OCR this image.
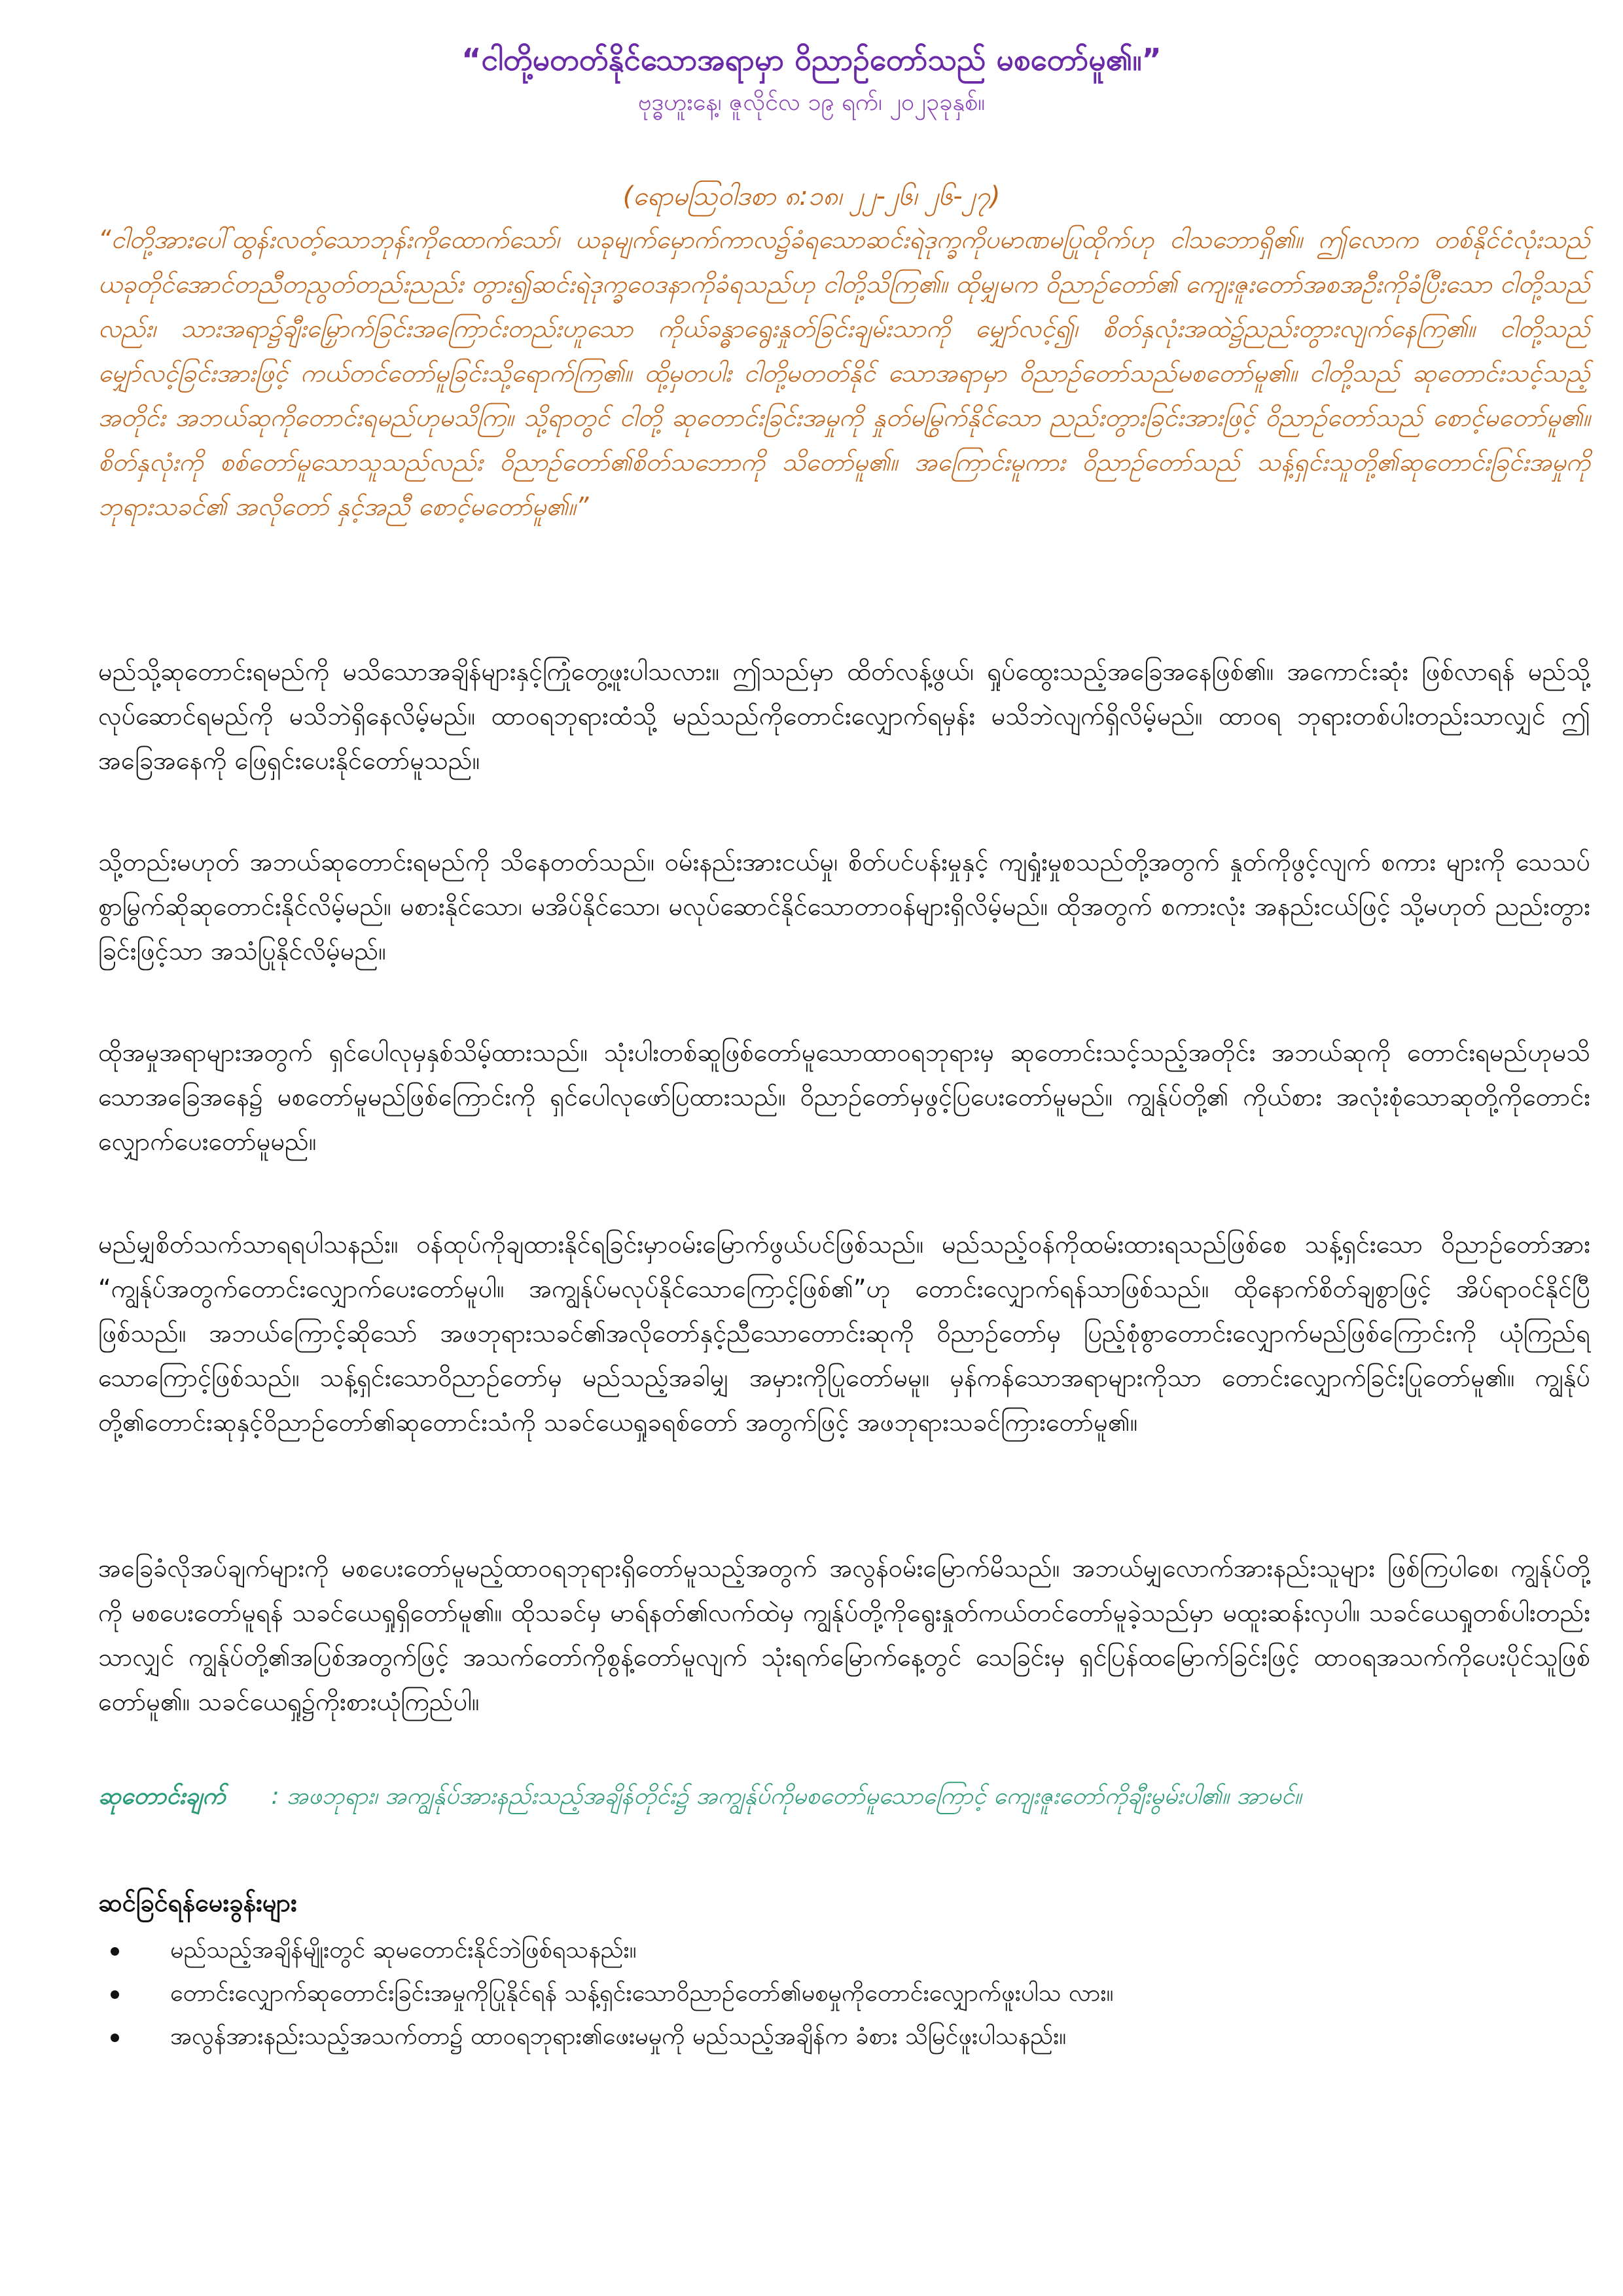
“ငါတို့မတတ်နိုင်သောအရာမှာ ဝိညာဉ်တော်သည် မစတော်မူ၏။”

ဗုဒ္ဓဟူးနေ့၊ ဇူလိုင်လ ၁၉ ရက်၊ ၂၀၂၃ခုနှစ်။

(ရောမသြဝါဒစာ ၈:၁၈၊ ၂၂-၂၆၊ ၂၆-၂၇)

“ငါတို့အားပေါ်ထွန်းလတ့်သောဘုန်းကိုထောက်သော်၊ ယခုမျက်မှောက်ကာလ၌ခံရသောဆင်းရဲဒုက္ခကိုပမာဏမပြုထိုက်ဟု ငါသဘောရှိ၏။ ဤလောက တစ်နိုင်ငံလုံးသည် ယခုတိုင်အောင်တညီတညွတ်တည်းညည်း တွား၍ဆင်းရဲဒုက္ခဝေဒနာကိုခံရသည်ဟု ငါတို့သိကြ၏။ ထိုမျှမက ဝိညာဉ်တော်၏ ကျေးဇူးတော်အစအဦးကိုခံပြီးသော ငါတို့သည်လည်း၊ သားအရာ၌ချီးမြှောက်ခြင်းအကြောင်းတည်းဟူသော ကိုယ်ခန္ဓာရွေးနှုတ်ခြင်းချမ်းသာကို မျှော်လင့်၍၊ စိတ်နှလုံးအထဲ၌ညည်းတွားလျက်နေကြ၏။ ငါတို့သည် မျှော်လင့်ခြင်းအားဖြင့် ကယ်တင်တော်မူခြင်းသို့ရောက်ကြ၏။ ထို့မှတပါး ငါတို့မတတ်နိုင် သောအရာမှာ ဝိညာဉ်တော်သည်မစတော်မူ၏။ ငါတို့သည် ဆုတောင်းသင့်သည့်အတိုင်း အဘယ်ဆုကိုတောင်းရမည်ဟုမသိကြ။ သို့ရာတွင် ငါတို့ ဆုတောင်းခြင်းအမှုကို နှုတ်မမြွက်နိုင်သော ညည်းတွားခြင်းအားဖြင့် ဝိညာဉ်တော်သည် စောင့်မတော်မူ၏။ စိတ်နှလုံးကို စစ်တော်မူသောသူသည်လည်း ဝိညာဉ်တော်၏စိတ်သဘောကို သိတော်မူ၏။ အကြောင်းမူကား ဝိညာဉ်တော်သည် သန့်ရှင်းသူတို့၏ဆုတောင်းခြင်းအမှုကို ဘုရားသခင်၏ အလိုတော် နှင့်အညီ စောင့်မတော်မူ၏။”

မည်သို့ဆုတောင်းရမည်ကို မသိသောအချိန်များနှင့်ကြုံတွေ့ဖူးပါသလား။ ဤသည်မှာ ထိတ်လန့်ဖွယ်၊ ရှုပ်ထွေးသည့်အခြေအနေဖြစ်၏။ အကောင်းဆုံး ဖြစ်လာရန် မည်သို့လုပ်ဆောင်ရမည်ကို မသိဘဲရှိနေလိမ့်မည်။ ထာဝရဘုရားထံသို့ မည်သည်ကိုတောင်းလျှောက်ရမှန်း မသိဘဲလျက်ရှိလိမ့်မည်။ ထာဝရ ဘုရားတစ်ပါးတည်းသာလျှင် ဤအခြေအနေကို ဖြေရှင်းပေးနိုင်တော်မူသည်။

သို့တည်းမဟုတ် အဘယ်ဆုတောင်းရမည်ကို သိနေတတ်သည်။ ဝမ်းနည်းအားငယ်မှု၊ စိတ်ပင်ပန်းမှုနှင့် ကျရှုံးမှုစသည်တို့အတွက် နှုတ်ကိုဖွင့်လျက် စကား များကို သေသပ်စွာမြွက်ဆိုဆုတောင်းနိုင်လိမ့်မည်။ မစားနိုင်သော၊ မအိပ်နိုင်သော၊ မလုပ်ဆောင်နိုင်သောတာဝန်များရှိလိမ့်မည်။ ထိုအတွက် စကားလုံး အနည်းငယ်ဖြင့် သို့မဟုတ် ညည်းတွားခြင်းဖြင့်သာ အသံပြုနိုင်လိမ့်မည်။

ထိုအမှုအရာများအတွက် ရှင်ပေါလုမှနှစ်သိမ့်ထားသည်။ သုံးပါးတစ်ဆူဖြစ်တော်မူသောထာဝရဘုရားမှ ဆုတောင်းသင့်သည့်အတိုင်း အဘယ်ဆုကို တောင်းရမည်ဟုမသိသောအခြေအနေ၌ မစတော်မူမည်ဖြစ်ကြောင်းကို ရှင်ပေါလုဖော်ပြထားသည်။ ဝိညာဉ်တော်မှဖွင့်ပြပေးတော်မူမည်။ ကျွန်ုပ်တို့၏ ကိုယ်စား အလုံးစုံသောဆုတို့ကိုတောင်းလျှောက်ပေးတော်မူမည်။

မည်မျှစိတ်သက်သာရရပါသနည်း။ ဝန်ထုပ်ကိုချထားနိုင်ရခြင်းမှာဝမ်းမြောက်ဖွယ်ပင်ဖြစ်သည်။ မည်သည့်ဝန်ကိုထမ်းထားရသည်ဖြစ်စေ သန့်ရှင်းသော ဝိညာဉ်တော်အား “ကျွန်ုပ်အတွက်တောင်းလျှောက်ပေးတော်မူပါ။ အကျွန်ုပ်မလုပ်နိုင်သောကြောင့်ဖြစ်၏”ဟု တောင်းလျှောက်ရန်သာဖြစ်သည်။ ထိုနောက်စိတ်ချစွာဖြင့် အိပ်ရာဝင်နိုင်ပြီဖြစ်သည်။ အဘယ်ကြောင့်ဆိုသော် အဖဘုရားသခင်၏အလိုတော်နှင့်ညီသောတောင်းဆုကို ဝိညာဉ်တော်မှ ပြည့်စုံစွာတောင်းလျှောက်မည်ဖြစ်ကြောင်းကို ယုံကြည်ရသောကြောင့်ဖြစ်သည်။ သန့်ရှင်းသောဝိညာဉ်တော်မှ မည်သည့်အခါမျှ အမှားကိုပြုတော်မမူ။ မှန်ကန်သောအရာများကိုသာ တောင်းလျှောက်ခြင်းပြုတော်မူ၏။ ကျွန်ုပ်တို့၏တောင်းဆုနှင့်ဝိညာဉ်တော်၏ဆုတောင်းသံကို သခင်ယေရှုခရစ်တော် အတွက်ဖြင့် အဖဘုရားသခင်ကြားတော်မူ၏။

အခြေခံလိုအပ်ချက်များကို မစပေးတော်မူမည့်ထာဝရဘုရားရှိတော်မူသည့်အတွက် အလွန်ဝမ်းမြောက်မိသည်။ အဘယ်မျှလောက်အားနည်းသူများ ဖြစ်ကြပါစေ၊ ကျွန်ုပ်တို့ကို မစပေးတော်မူရန် သခင်ယေရှုရှိတော်မူ၏။ ထိုသခင်မှ မာရ်နတ်၏လက်ထဲမှ ကျွန်ုပ်တို့ကိုရွေးနှုတ်ကယ်တင်တော်မူခဲ့သည်မှာ မထူးဆန်းလှပါ။ သခင်ယေရှုတစ်ပါးတည်းသာလျှင် ကျွန်ုပ်တို့၏အပြစ်အတွက်ဖြင့် အသက်တော်ကိုစွန့်တော်မူလျက် သုံးရက်မြောက်နေ့တွင် သေခြင်းမှ ရှင်ပြန်ထမြောက်ခြင်းဖြင့် ထာဝရအသက်ကိုပေးပိုင်သူဖြစ်တော်မူ၏။ သခင်ယေရှု၌ကိုးစားယုံကြည်ပါ။

ဆုတောင်းချက် : အဖဘုရား၊ အကျွန်ုပ်အားနည်းသည့်အချိန်တိုင်း၌ အကျွန်ုပ်ကိုမစတော်မူသောကြောင့် ကျေးဇူးတော်ကိုချီးမွမ်းပါ၏။ အာမင်။

ဆင်ခြင်ရန်မေးခွန်းများ

မည်သည့်အချိန်မျိုးတွင် ဆုမတောင်းနိုင်ဘဲဖြစ်ရသနည်း။
တောင်းလျှောက်ဆုတောင်းခြင်းအမှုကိုပြုနိုင်ရန် သန့်ရှင်းသောဝိညာဉ်တော်၏မစမှုကိုတောင်းလျှောက်ဖူးပါသ လား။
အလွန်အားနည်းသည့်အသက်တာ၌ ထာဝရဘုရား၏ဖေးမမှုကို မည်သည့်အချိန်က ခံစား သိမြင်ဖူးပါသနည်း။
